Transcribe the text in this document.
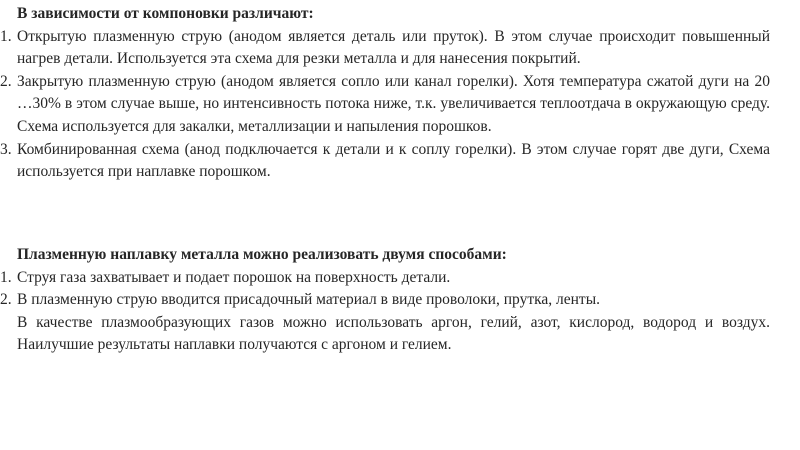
В зависимости от компоновки различают:
1. Открытую плазменную струю (анодом является деталь или пруток). В этом случае происходит повышенный нагрев детали. Используется эта схема для резки металла и для нанесения покрытий.
2. Закрытую плазменную струю (анодом является сопло или канал горелки). Хотя температура сжатой дуги на 20 …30% в этом случае выше, но интенсивность потока ниже, т.к. увеличивается теплоотдача в окружающую среду. Схема используется для закалки, металлизации и напыления порошков.
3. Комбинированная схема (анод подключается к детали и к соплу горелки). В этом случае горят две дуги, Схема используется при наплавке порошком.
Плазменную наплавку металла можно реализовать двумя способами:
1. Струя газа захватывает и подает порошок на поверхность детали.
2. В плазменную струю вводится присадочный материал в виде проволоки, прутка, ленты.
В качестве плазмообразующих газов можно использовать аргон, гелий, азот, кислород, водород и воздух. Наилучшие результаты наплавки получаются с аргоном и гелием.
